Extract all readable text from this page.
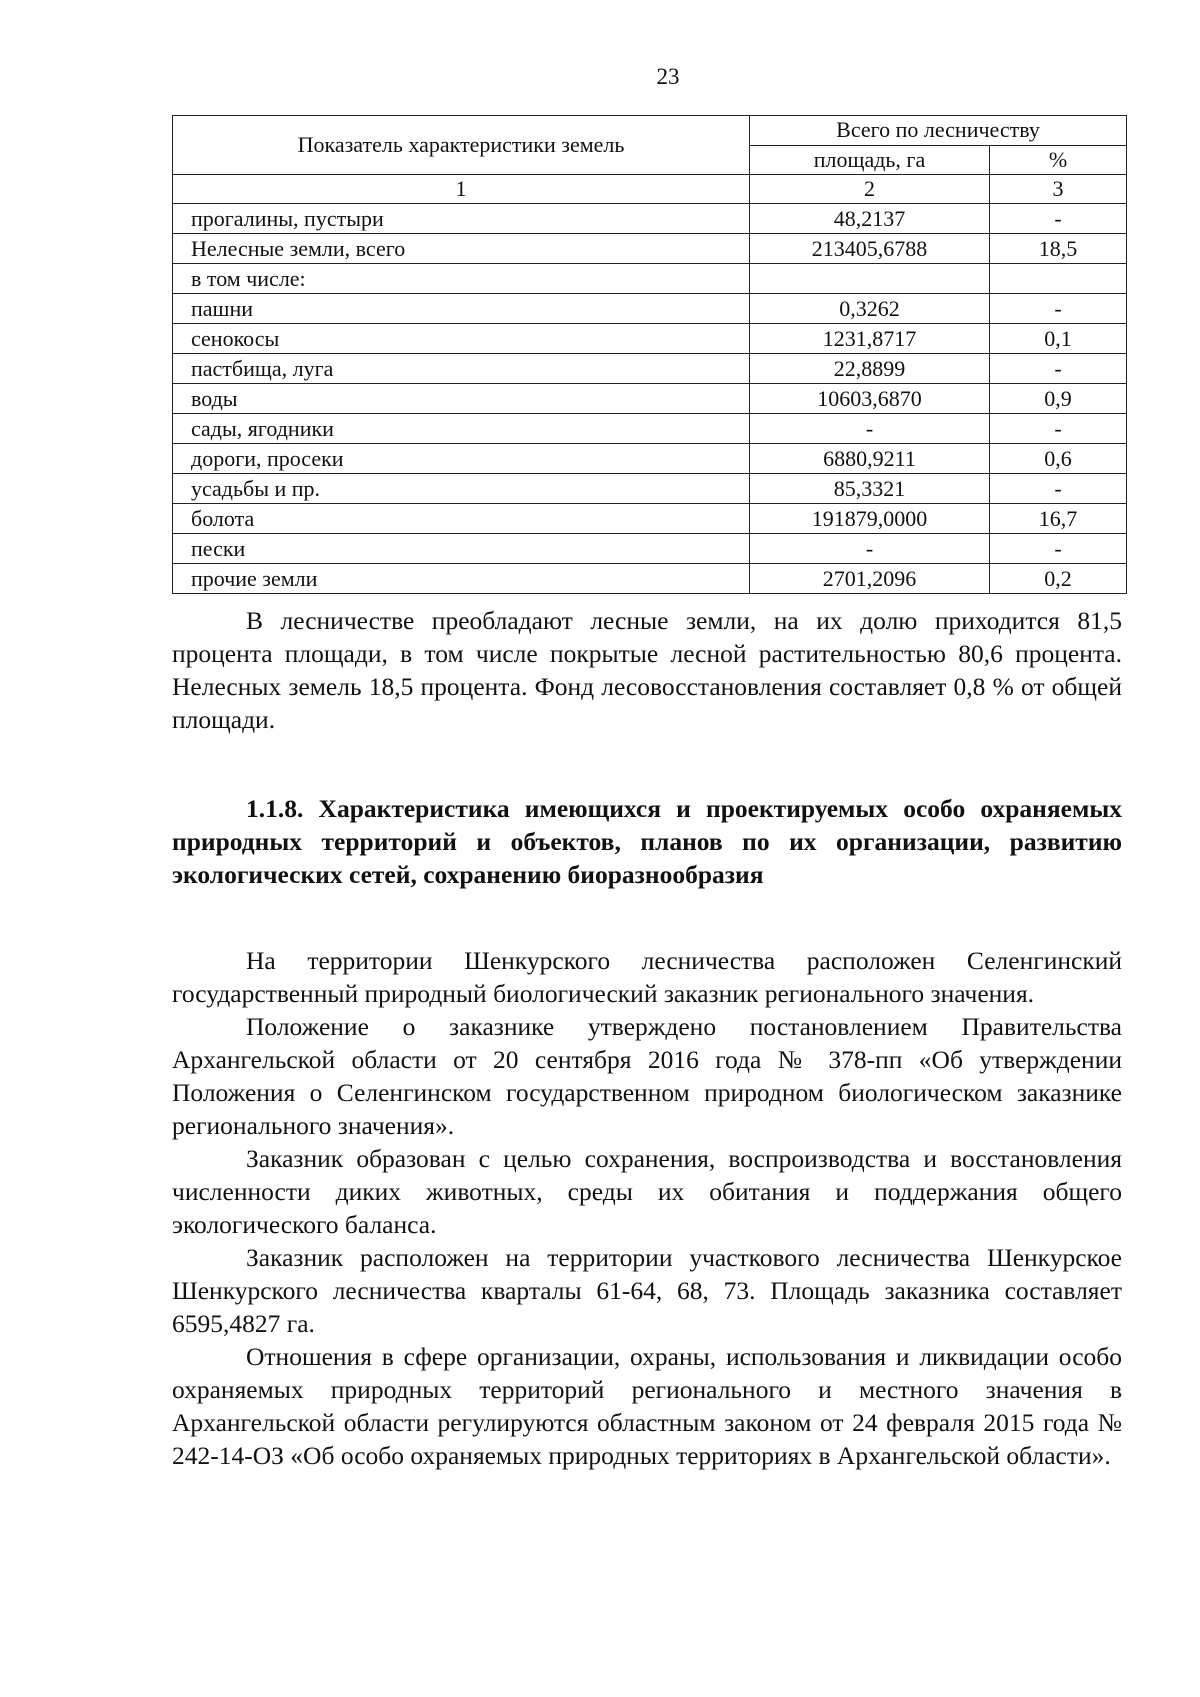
23
Показатель характеристики земель	Всего по лесничеству	
	площадь, га	%
1	2	3
прогалины, пустыри	48,2137	-
Нелесные земли, всего	213405,6788	18,5
в том числе:		
пашни	0,3262	-
сенокосы	1231,8717	0,1
пастбища, луга	22,8899	-
воды	10603,6870	0,9
сады, ягодники	-	-
дороги, просеки	6880,9211	0,6
усадьбы и пр.	85,3321	-
болота	191879,0000	16,7
пески	-	-
прочие земли	2701,2096	0,2

В лесничестве преобладают лесные земли, на их долю приходится 81,5 процента площади, в том числе покрытые лесной растительностью 80,6 процента. Нелесных земель 18,5 процента. Фонд лесовосстановления составляет 0,8 % от общей площади.

1.1.8. Характеристика имеющихся и проектируемых особо охраняемых природных территорий и объектов, планов по их организации, развитию экологических сетей, сохранению биоразнообразия

На территории Шенкурского лесничества расположен Селенгинский государственный природный биологический заказник регионального значения.

Положение о заказнике утверждено постановлением Правительства Архангельской области от 20 сентября 2016 года № 378-пп «Об утверждении Положения о Селенгинском государственном природном биологическом заказнике регионального значения».

Заказник образован с целью сохранения, воспроизводства и восстановления численности диких животных, среды их обитания и поддержания общего экологического баланса.

Заказник расположен на территории участкового лесничества Шенкурское Шенкурского лесничества кварталы 61-64, 68, 73. Площадь заказника составляет 6595,4827 га.

Отношения в сфере организации, охраны, использования и ликвидации особо охраняемых природных территорий регионального и местного значения в Архангельской области регулируются областным законом от 24 февраля 2015 года № 242-14-ОЗ «Об особо охраняемых природных территориях в Архангельской области».
